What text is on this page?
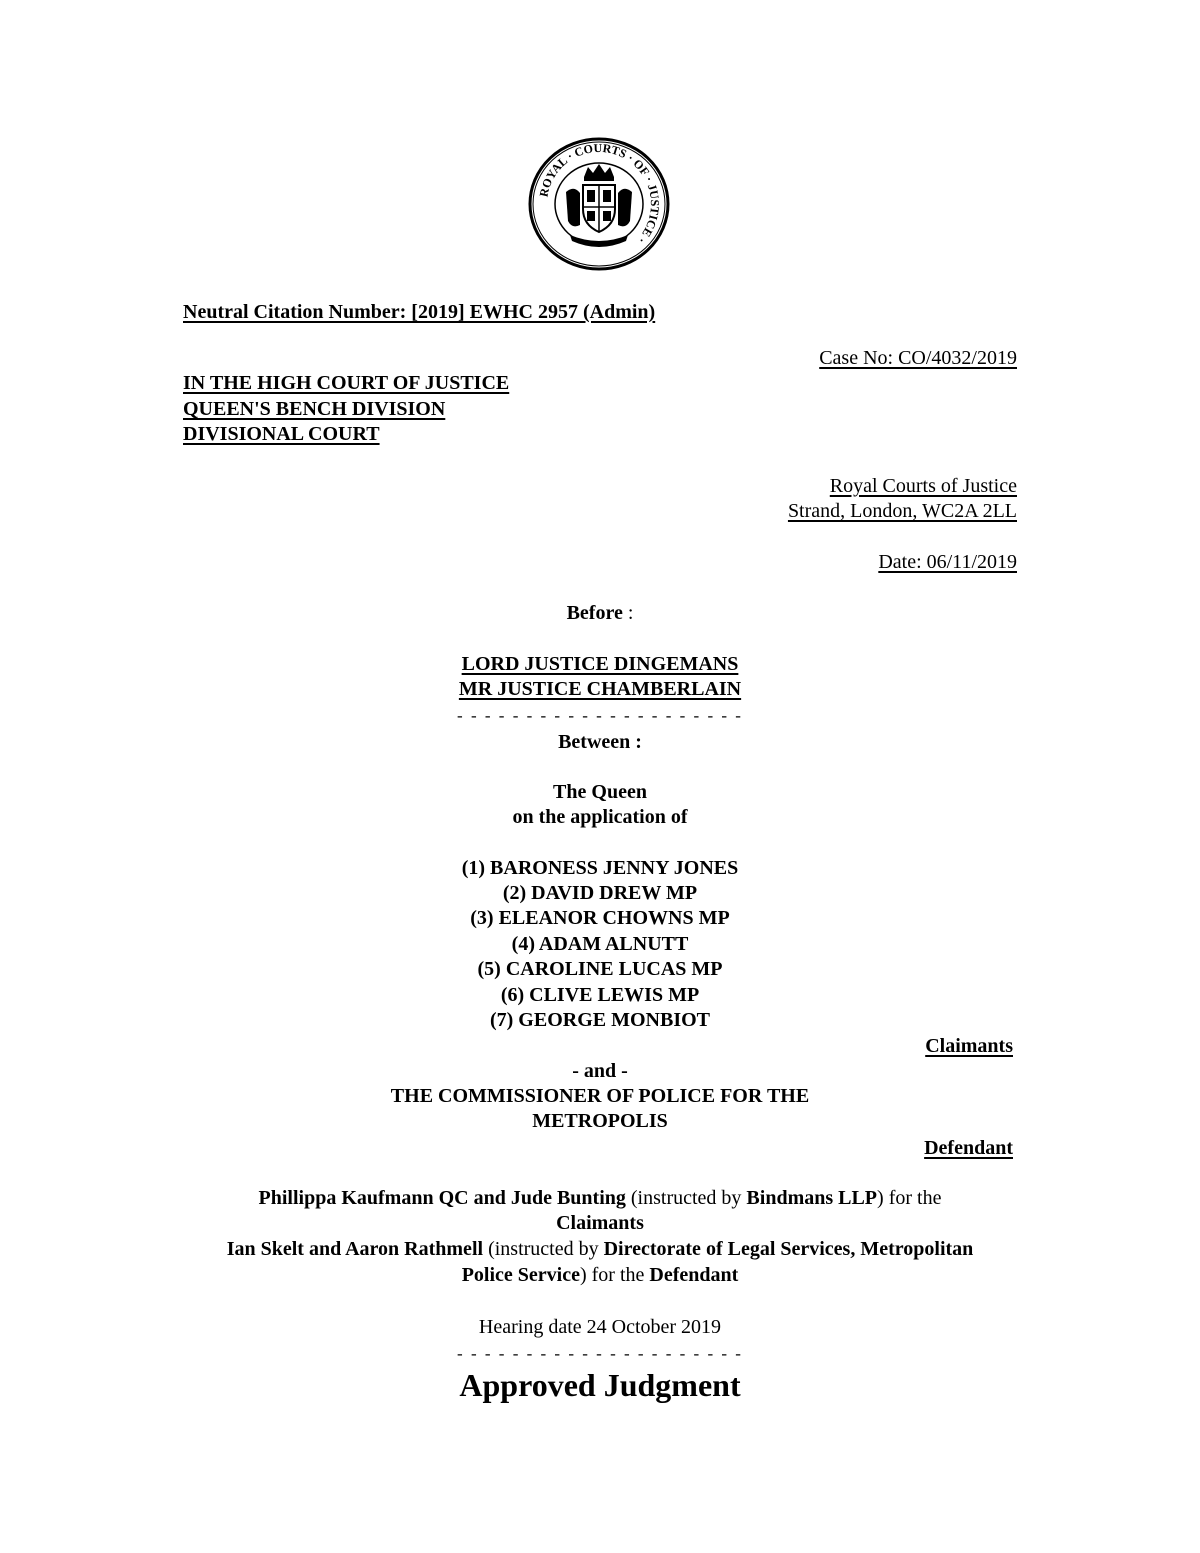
ROYAL · COURTS · OF · JUSTICE ·
Neutral Citation Number: [2019] EWHC 2957 (Admin)
Case No: CO/4032/2019
IN THE HIGH COURT OF JUSTICE
QUEEN'S BENCH DIVISION
DIVISIONAL COURT
Royal Courts of Justice
Strand, London, WC2A 2LL
Date: 06/11/2019
Before :
LORD JUSTICE DINGEMANS
MR JUSTICE CHAMBERLAIN
- - - - - - - - - - - - - - - - - - - - -
Between :
The Queen
on the application of
(1) BARONESS JENNY JONES
(2) DAVID DREW MP
(3) ELEANOR CHOWNS MP
(4) ADAM ALNUTT
(5) CAROLINE LUCAS MP
(6) CLIVE LEWIS MP
(7) GEORGE MONBIOT
Claimants
- and -
THE COMMISSIONER OF POLICE FOR THE
METROPOLIS
Defendant
Phillippa Kaufmann QC and Jude Bunting (instructed by Bindmans LLP) for the
Claimants
Ian Skelt and Aaron Rathmell (instructed by Directorate of Legal Services, Metropolitan
Police Service) for the Defendant
Hearing date 24 October 2019
- - - - - - - - - - - - - - - - - - - - -
Approved Judgment
